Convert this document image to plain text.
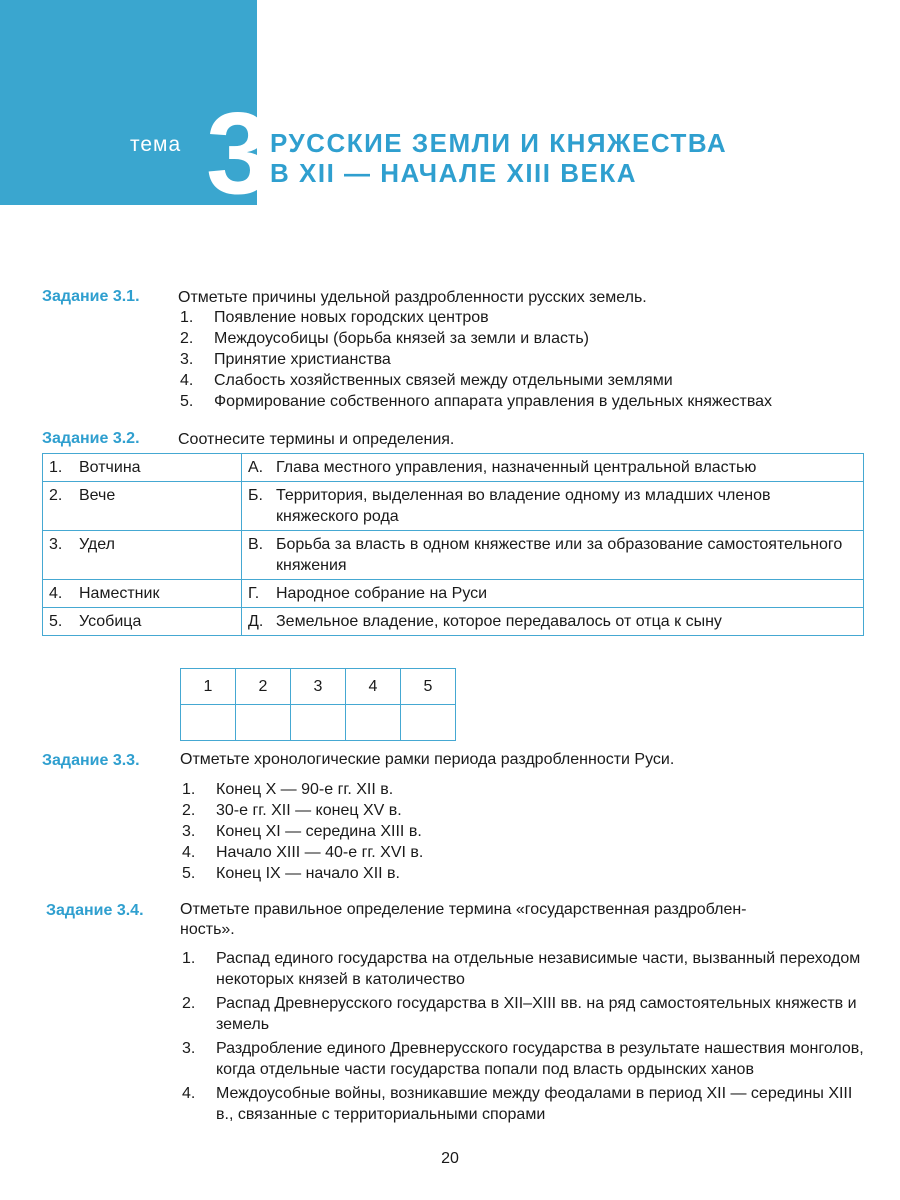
тема 3 РУССКИЕ ЗЕМЛИ И КНЯЖЕСТВА
В XII — НАЧАЛЕ XIII ВЕКА
Задание 3.1. Отметьте причины удельной раздробленности русских земель.
1. Появление новых городских центров
2. Междоусобицы (борьба князей за земли и власть)
3. Принятие христианства
4. Слабость хозяйственных связей между отдельными землями
5. Формирование собственного аппарата управления в удельных княжествах
Задание 3.2. Соотнесите термины и определения.
1. Вотчина	А. Глава местного управления, назначенный центральной властью
2. Вече	Б. Территория, выделенная во владение одному из младших членов княжеского рода
3. Удел	В. Борьба за власть в одном княжестве или за образование самостоятельного княжения
4. Наместник	Г. Народное собрание на Руси
5. Усобица	Д. Земельное владение, которое передавалось от отца к сыну
1	2	3	4	5

Задание 3.3.	Отметьте хронологические рамки периода раздробленности Руси.
1. Конец X — 90-е гг. XII в.
2. 30-е гг. XII — конец XV в.
3. Конец XI — середина XIII в.
4. Начало XIII — 40-е гг. XVI в.
5. Конец IX — начало XII в.
Задание 3.4. Отметьте правильное определение термина «государственная раздроблен-
ность».
1. Распад единого государства на отдельные независимые части, вызванный переходом некоторых князей в католичество
2. Распад Древнерусского государства в XII–XIII вв. на ряд самостоятельных княжеств и земель
3. Раздробление единого Древнерусского государства в результате нашествия монголов, когда отдельные части государства попали под власть ордынских ханов
4. Междоусобные войны, возникавшие между феодалами в период XII — середины XIII в., связанные с территориальными спорами
20
